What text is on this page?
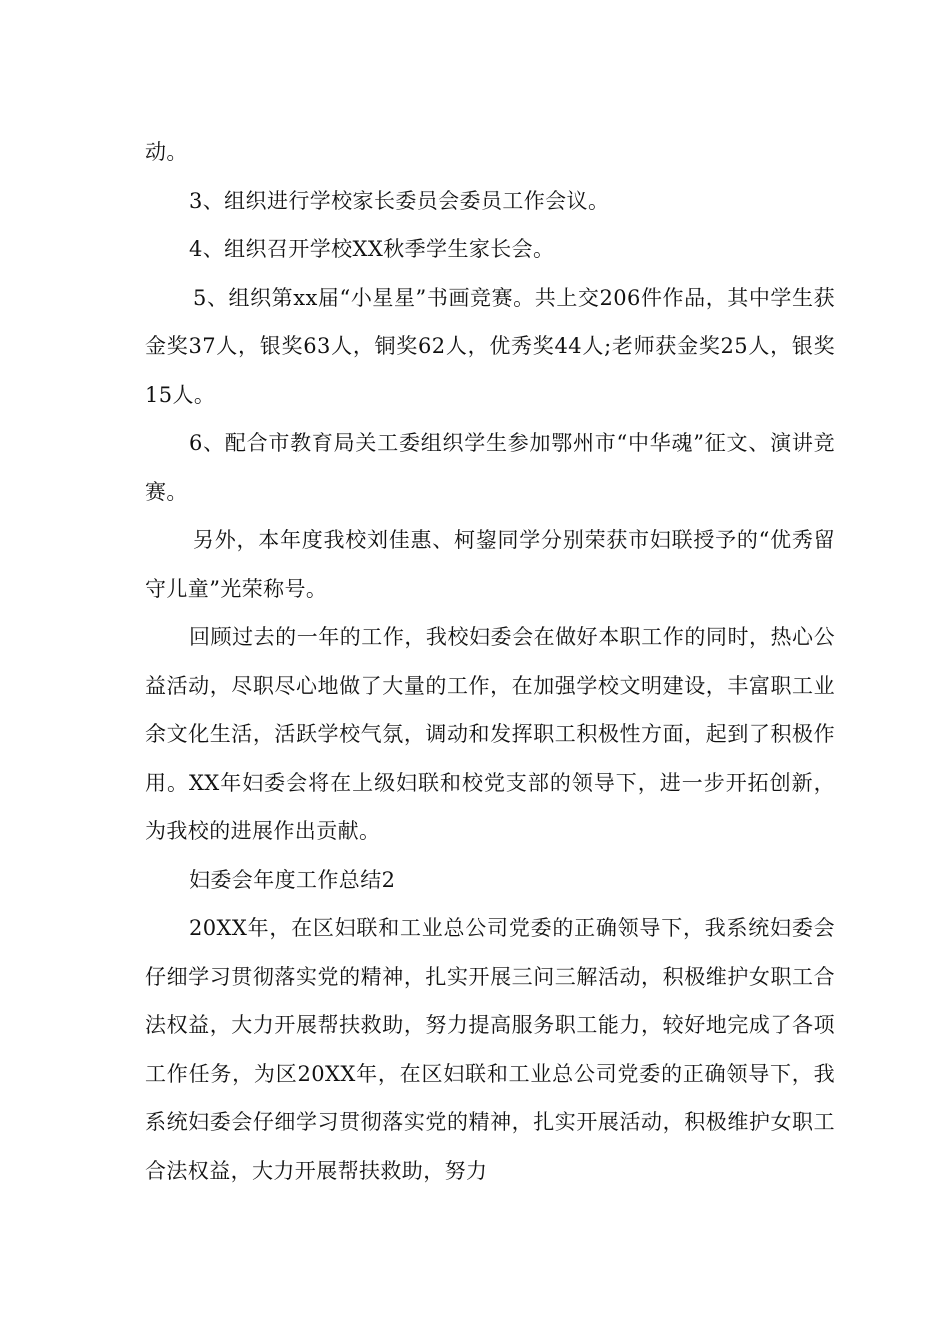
动。

3、组织进行学校家长委员会委员工作会议。

4、组织召开学校XX秋季学生家长会。

5、组织第xx届“小星星”书画竞赛。共上交206件作品，其中学生获金奖37人，银奖63人，铜奖62人，优秀奖44人;老师获金奖25人，银奖15人。

6、配合市教育局关工委组织学生参加鄂州市“中华魂”征文、演讲竞赛。

另外，本年度我校刘佳惠、柯鋆同学分别荣获市妇联授予的“优秀留守儿童”光荣称号。

回顾过去的一年的工作，我校妇委会在做好本职工作的同时，热心公益活动，尽职尽心地做了大量的工作，在加强学校文明建设，丰富职工业余文化生活，活跃学校气氛，调动和发挥职工积极性方面，起到了积极作用。XX年妇委会将在上级妇联和校党支部的领导下，进一步开拓创新，为我校的进展作出贡献。

妇委会年度工作总结2

20XX年，在区妇联和工业总公司党委的正确领导下，我系统妇委会仔细学习贯彻落实党的精神，扎实开展三问三解活动，积极维护女职工合法权益，大力开展帮扶救助，努力提高服务职工能力，较好地完成了各项工作任务，为区20XX年，在区妇联和工业总公司党委的正确领导下，我系统妇委会仔细学习贯彻落实党的精神，扎实开展活动，积极维护女职工合法权益，大力开展帮扶救助，努力
